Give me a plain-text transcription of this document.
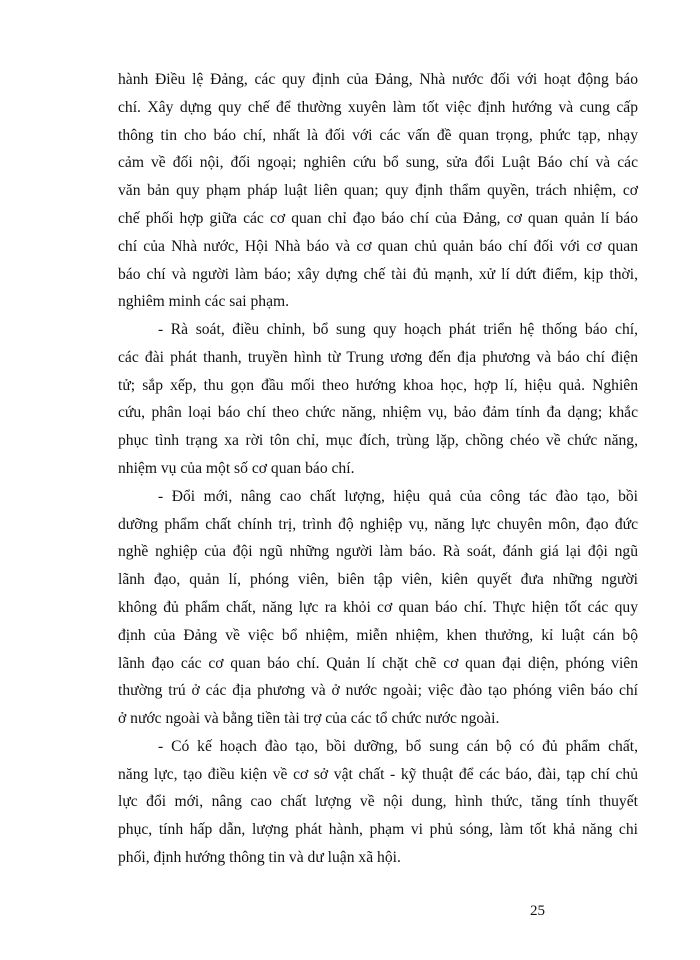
hành Điều lệ Đảng, các quy định của Đảng, Nhà nước đối với hoạt động báo
chí. Xây dựng quy chế để thường xuyên làm tốt việc định hướng và cung cấp
thông tin cho báo chí, nhất là đối với các vấn đề quan trọng, phức tạp, nhạy
cảm về đối nội, đối ngoại; nghiên cứu bổ sung, sửa đổi Luật Báo chí và các
văn bản quy phạm pháp luật liên quan; quy định thẩm quyền, trách nhiệm, cơ
chế phối hợp giữa các cơ quan chỉ đạo báo chí của Đảng, cơ quan quản lí báo
chí của Nhà nước, Hội Nhà báo và cơ quan chủ quản báo chí đối với cơ quan
báo chí và người làm báo; xây dựng chế tài đủ mạnh, xử lí dứt điểm, kịp thời,
nghiêm minh các sai phạm.
- Rà soát, điều chỉnh, bổ sung quy hoạch phát triển hệ thống báo chí,
các đài phát thanh, truyền hình từ Trung ương đến địa phương và báo chí điện
tử; sắp xếp, thu gọn đầu mối theo hướng khoa học, hợp lí, hiệu quả. Nghiên
cứu, phân loại báo chí theo chức năng, nhiệm vụ, bảo đảm tính đa dạng; khắc
phục tình trạng xa rời tôn chỉ, mục đích, trùng lặp, chồng chéo về chức năng,
nhiệm vụ của một số cơ quan báo chí.
- Đổi mới, nâng cao chất lượng, hiệu quả của công tác đào tạo, bồi
dưỡng phẩm chất chính trị, trình độ nghiệp vụ, năng lực chuyên môn, đạo đức
nghề nghiệp của đội ngũ những người làm báo. Rà soát, đánh giá lại đội ngũ
lãnh đạo, quản lí, phóng viên, biên tập viên, kiên quyết đưa những người
không đủ phẩm chất, năng lực ra khỏi cơ quan báo chí. Thực hiện tốt các quy
định của Đảng về việc bổ nhiệm, miễn nhiệm, khen thưởng, kỉ luật cán bộ
lãnh đạo các cơ quan báo chí. Quản lí chặt chẽ cơ quan đại diện, phóng viên
thường trú ở các địa phương và ở nước ngoài; việc đào tạo phóng viên báo chí
ở nước ngoài và bằng tiền tài trợ của các tổ chức nước ngoài.
- Có kế hoạch đào tạo, bồi dưỡng, bổ sung cán bộ có đủ phẩm chất,
năng lực, tạo điều kiện về cơ sở vật chất - kỹ thuật để các báo, đài, tạp chí chủ
lực đổi mới, nâng cao chất lượng về nội dung, hình thức, tăng tính thuyết
phục, tính hấp dẫn, lượng phát hành, phạm vi phủ sóng, làm tốt khả năng chi
phối, định hướng thông tin và dư luận xã hội.
25
